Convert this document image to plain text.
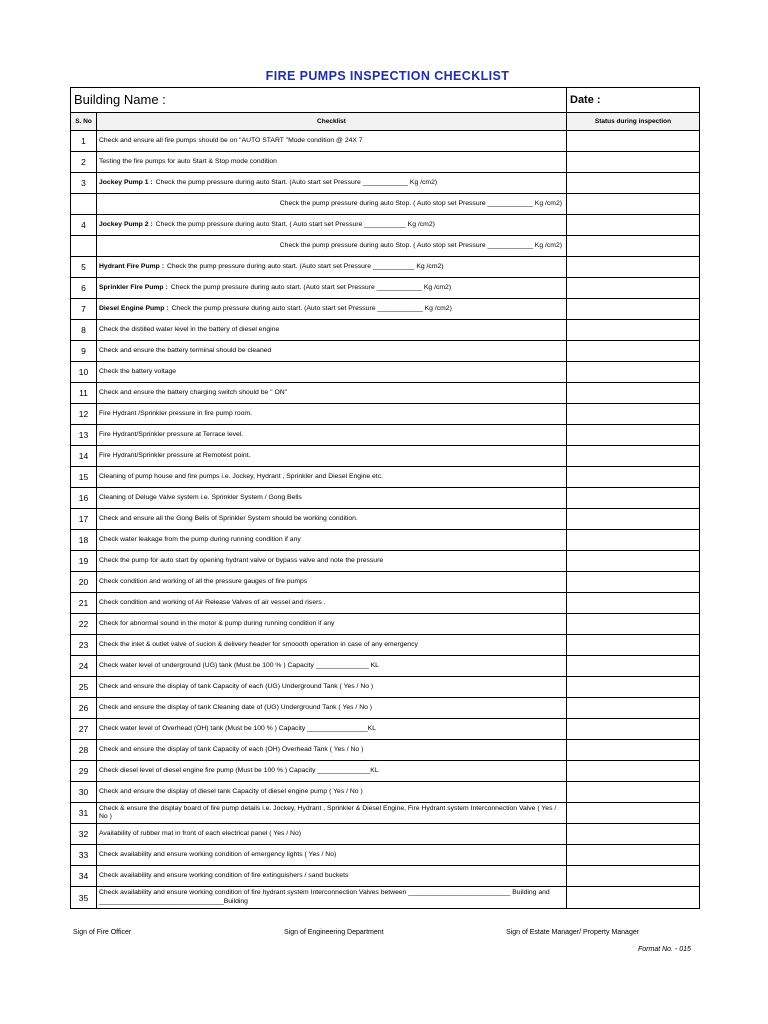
FIRE PUMPS INSPECTION CHECKLIST
Building Name :	Date :
S. No	Checklist	Status during inspection
1	Check and ensure all fire pumps should be on "AUTO START "Mode condition @ 24X 7
2	Testing the fire pumps for auto Start & Stop mode condition
3	Jockey Pump 1 : Check the pump pressure during auto Start. (Auto start set Pressure ____________ Kg /cm2)
Check the pump pressure during auto Stop. ( Auto stop set Pressure ____________ Kg /cm2)
4	Jockey Pump 2 : Check the pump pressure during auto Start. ( Auto start set Pressure ___________ Kg /cm2)
Check the pump pressure during auto Stop. ( Auto stop set Pressure ____________ Kg /cm2)
5	Hydrant Fire Pump : Check the pump pressure during auto start. (Auto start set Pressure ___________ Kg /cm2)
6	Sprinkler Fire Pump : Check the pump pressure during auto start. (Auto start set Pressure ____________ Kg /cm2)
7	Diesel Engine Pump : Check the pump pressure during auto start. (Auto start set Pressure ____________ Kg /cm2)
8	Check the distilled water level in the battery of diesel engine
9	Check and ensure the battery terminal should be cleaned
10	Check the battery voltage
11	Check and ensure the battery charging switch should be " ON"
12	Fire Hydrant /Sprinkler pressure in fire pump room.
13	Fire Hydrant/Sprinkler pressure at Terrace level.
14	Fire Hydrant/Sprinkler pressure at Remotest point.
15	Cleaning of pump house and fire pumps i.e. Jockey, Hydrant , Sprinkler and Diesel Engine etc.
16	Cleaning of Deluge Valve system i.e. Sprinkler System / Gong Bells
17	Check and ensure all the Gong Bells of Sprinkler System should be working condition.
18	Check water leakage from the pump during running condition if any
19	Check the pump for auto start by opening hydrant valve or bypass valve and note the pressure
20	Check condition and working of all the pressure gauges of fire pumps
21	Check condition and working of Air Release Valves of air vessel and risers .
22	Check for abnormal sound in the motor & pump during running condition if any
23	Check the inlet & outlet valve of sucion & delivery header for smoooth operation in case of any emergency
24	Check water level of underground (UG) tank (Must be 100 % ) Capacity ______________ KL
25	Check and ensure the display of tank Capacity of each (UG) Underground Tank ( Yes / No )
26	Check and ensure the display of tank Cleaning date of (UG) Underground Tank ( Yes / No )
27	Check water level of Overhead (OH) tank (Must be 100 % ) Capacity ________________KL
28	Check and ensure the display of tank Capacity of each (OH) Overhead Tank ( Yes / No )
29	Check diesel level of diesel engine fire pump (Must be 100 % ) Capacity ______________KL
30	Check and ensure the display of diesel tank Capacity of diesel engine pump ( Yes / No )
31	Check & ensure the display board of fire pump details i.e. Jockey, Hydrant , Sprinkler & Diesel Engine, Fire Hydrant system Interconnection Valve ( Yes / No )
32	Availability of rubber mat in front of each electrical panel ( Yes / No)
33	Check availability and ensure working condition of emergency lights ( Yes / No)
34	Check availability and ensure working condition of fire extinguishers / sand buckets
35	Check availability and ensure working condition of fire hydrant system Interconnection Valves between ___________________________ Building and _________________________________Building
Sign of Fire Officer	Sign of Engineering Department	Sign of Estate Manager/ Property Manager
Format No. - 015
